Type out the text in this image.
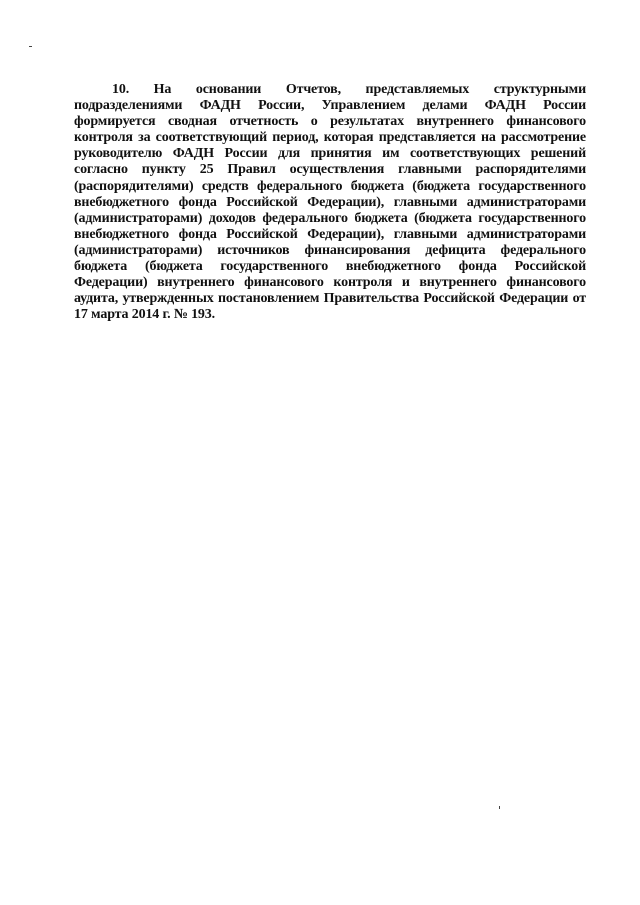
10. На основании Отчетов, представляемых структурными подразделениями ФАДН России, Управлением делами ФАДН России формируется сводная отчетность о результатах внутреннего финансового контроля за соответствующий период, которая представляется на рассмотрение руководителю ФАДН России для принятия им соответствующих решений согласно пункту 25 Правил осуществления главными распорядителями (распорядителями) средств федерального бюджета (бюджета государственного внебюджетного фонда Российской Федерации), главными администраторами (администраторами) доходов федерального бюджета (бюджета государственного внебюджетного фонда Российской Федерации), главными администраторами (администраторами) источников финансирования дефицита федерального бюджета (бюджета государственного внебюджетного фонда Российской Федерации) внутреннего финансового контроля и внутреннего финансового аудита, утвержденных постановлением Правительства Российской Федерации от 17 марта 2014 г. № 193.
